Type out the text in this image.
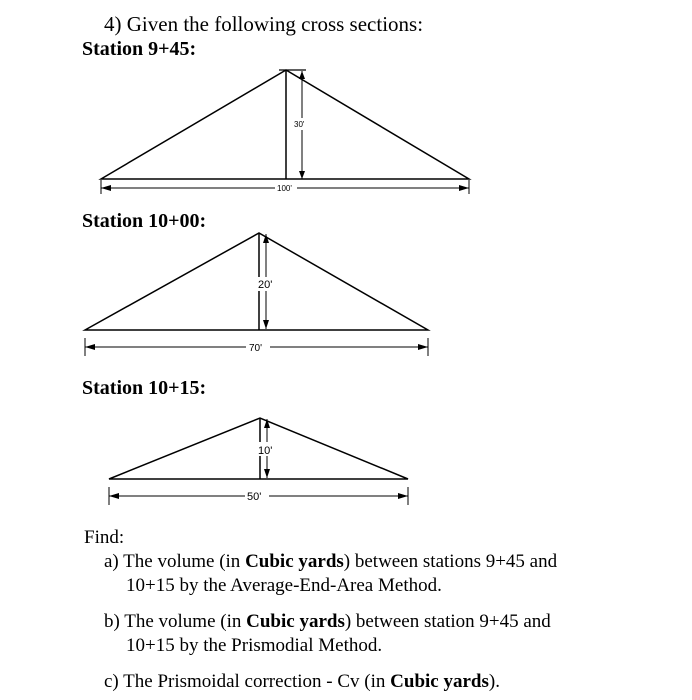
4) Given the following cross sections:
Station 9+45:
30'
100'
Station 10+00:
20'
70'
Station 10+15:
10'
50'
Find:
a) The volume (in Cubic yards) between stations 9+45 and
10+15 by the Average-End-Area Method.
b) The volume (in Cubic yards) between station 9+45 and
10+15 by the Prismodial Method.
c) The Prismoidal correction - Cv (in Cubic yards).
